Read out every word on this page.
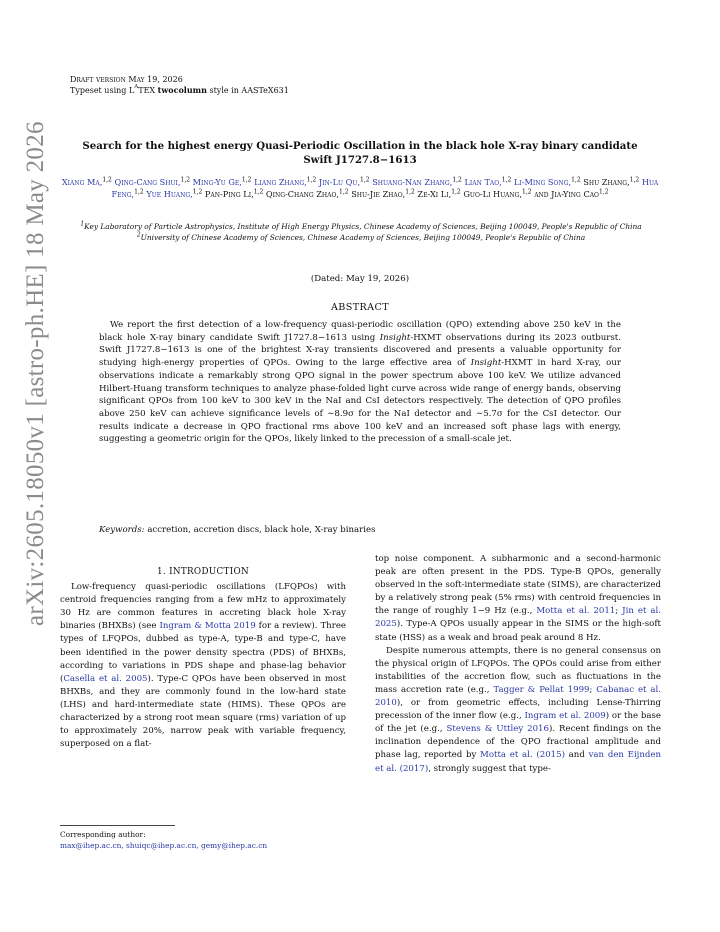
arXiv:2605.18050v1 [astro-ph.HE] 18 May 2026
Draft version May 19, 2026
Typeset using $L^ATEX$ twocolumn style in AASTeX631
Search for the highest energy Quasi-Periodic Oscillation in the black hole X-ray binary candidate Swift J1727.8−1613
Xiang Ma,$^{1,2}$ Qing-Cang Shui,$^{1,2}$ Ming-Yu Ge,$^{1,2}$ Liang Zhang,$^{1,2}$ Jin-Lu Qu,$^{1,2}$ Shuang-Nan Zhang,$^{1,2}$ Lian Tao,$^{1,2}$ Li-Ming Song,$^{1,2}$ Shu Zhang,$^{1,2}$ Hua Feng,$^{1,2}$ Yue Huang,$^{1,2}$ Pan-Ping Li,$^{1,2}$ Qing-Chang Zhao,$^{1,2}$ Shu-Jie Zhao,$^{1,2}$ Ze-Xi Li,$^{1,2}$ Guo-Li Huang,$^{1,2}$ and Jia-Ying Cao$^{1,2}$
$^1$Key Laboratory of Particle Astrophysics, Institute of High Energy Physics, Chinese Academy of Sciences, Beijing 100049, People's Republic of China
$^2$University of Chinese Academy of Sciences, Chinese Academy of Sciences, Beijing 100049, People's Republic of China
(Dated: May 19, 2026)
ABSTRACT
We report the first detection of a low-frequency quasi-periodic oscillation (QPO) extending above 250 keV in the black hole X-ray binary candidate Swift J1727.8−1613 using Insight-HXMT observations during its 2023 outburst. Swift J1727.8−1613 is one of the brightest X-ray transients discovered and presents a valuable opportunity for studying high-energy properties of QPOs. Owing to the large effective area of Insight-HXMT in hard X-ray, our observations indicate a remarkably strong QPO signal in the power spectrum above 100 keV. We utilize advanced Hilbert-Huang transform techniques to analyze phase-folded light curve across wide range of energy bands, observing significant QPOs from 100 keV to 300 keV in the NaI and CsI detectors respectively. The detection of QPO profiles above 250 keV can achieve significance levels of ∼8.9σ for the NaI detector and ∼5.7σ for the CsI detector. Our results indicate a decrease in QPO fractional rms above 100 keV and an increased soft phase lags with energy, suggesting a geometric origin for the QPOs, likely linked to the precession of a small-scale jet.
Keywords: accretion, accretion discs, black hole, X-ray binaries
1. INTRODUCTION

Low-frequency quasi-periodic oscillations (LFQPOs) with centroid frequencies ranging from a few mHz to approximately 30 Hz are common features in accreting black hole X-ray binaries (BHXBs) (see Ingram & Motta 2019 for a review). Three types of LFQPOs, dubbed as type-A, type-B and type-C, have been identified in the power density spectra (PDS) of BHXBs, according to variations in PDS shape and phase-lag behavior (Casella et al. 2005). Type-C QPOs have been observed in most BHXBs, and they are commonly found in the low-hard state (LHS) and hard-intermediate state (HIMS). These QPOs are characterized by a strong root mean square (rms) variation of up to approximately 20%, narrow peak with variable frequency, superposed on a flat-

top noise component. A subharmonic and a second-harmonic peak are often present in the PDS. Type-B QPOs, generally observed in the soft-intermediate state (SIMS), are characterized by a relatively strong peak (5% rms) with centroid frequencies in the range of roughly 1−9 Hz (e.g., Motta et al. 2011; Jin et al. 2025). Type-A QPOs usually appear in the SIMS or the high-soft state (HSS) as a weak and broad peak around 8 Hz.

Despite numerous attempts, there is no general consensus on the physical origin of LFQPOs. The QPOs could arise from either instabilities of the accretion flow, such as fluctuations in the mass accretion rate (e.g., Tagger & Pellat 1999; Cabanac et al. 2010), or from geometric effects, including Lense-Thirring precession of the inner flow (e.g., Ingram et al. 2009) or the base of the jet (e.g., Stevens & Uttley 2016). Recent findings on the inclination dependence of the QPO fractional amplitude and phase lag, reported by Motta et al. (2015) and van den Eijnden et al. (2017), strongly suggest that type-

Corresponding author:
max@ihep.ac.cn, shuiqc@ihep.ac.cn, gemy@ihep.ac.cn
